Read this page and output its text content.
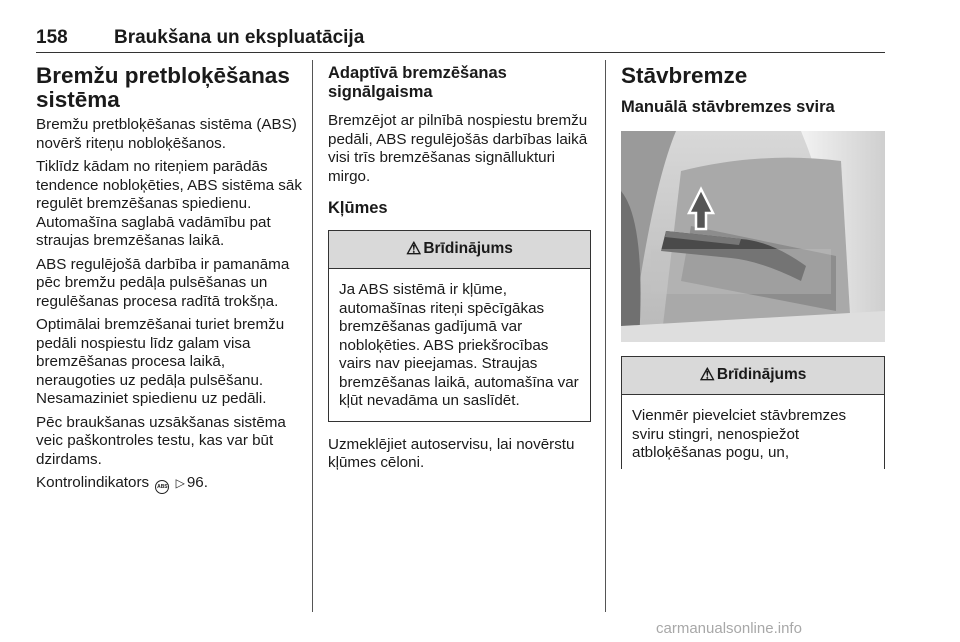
158 Braukšana un ekspluatācija
Bremžu pretbloķēšanas sistēma

Bremžu pretbloķēšanas sistēma (ABS) novērš riteņu nobloķēšanos.

Tiklīdz kādam no riteņiem parādās tendence nobloķēties, ABS sistēma sāk regulēt bremzēšanas spiedienu. Automašīna saglabā vadāmību pat straujas bremzēšanas laikā.

ABS regulējošā darbība ir pamanāma pēc bremžu pedāļa pulsēšanas un regulēšanas procesa radītā trokšņa.

Optimālai bremzēšanai turiet bremžu pedāli nospiestu līdz galam visa bremzēšanas procesa laikā, neraugoties uz pedāļa pulsēšanu. Nesamaziniet spiedienu uz pedāli.

Pēc braukšanas uzsākšanas sistēma veic paškontroles testu, kas var būt dzirdams.

Kontrolindikators ABS ▷ 96.

Adaptīvā bremzēšanas signālgaisma

Bremzējot ar pilnībā nospiestu bremžu pedāli, ABS regulējošās darbības laikā visi trīs bremzēšanas signāllukturi mirgo.

Kļūmes
⚠ Brīdinājums
Ja ABS sistēmā ir kļūme, automašīnas riteņi spēcīgākas bremzēšanas gadījumā var nobloķēties. ABS priekšrocības vairs nav pieejamas. Straujas bremzēšanas laikā, automašīna var kļūt nevadāma un saslīdēt.

Uzmeklējiet autoservisu, lai novērstu kļūmes cēloni.

Stāvbremze
Manuālā stāvbremzes svira
⚠ Brīdinājums
Vienmēr pievelciet stāvbremzes sviru stingri, nenospiežot atbloķēšanas pogu, un,
carmanualsonline.info
